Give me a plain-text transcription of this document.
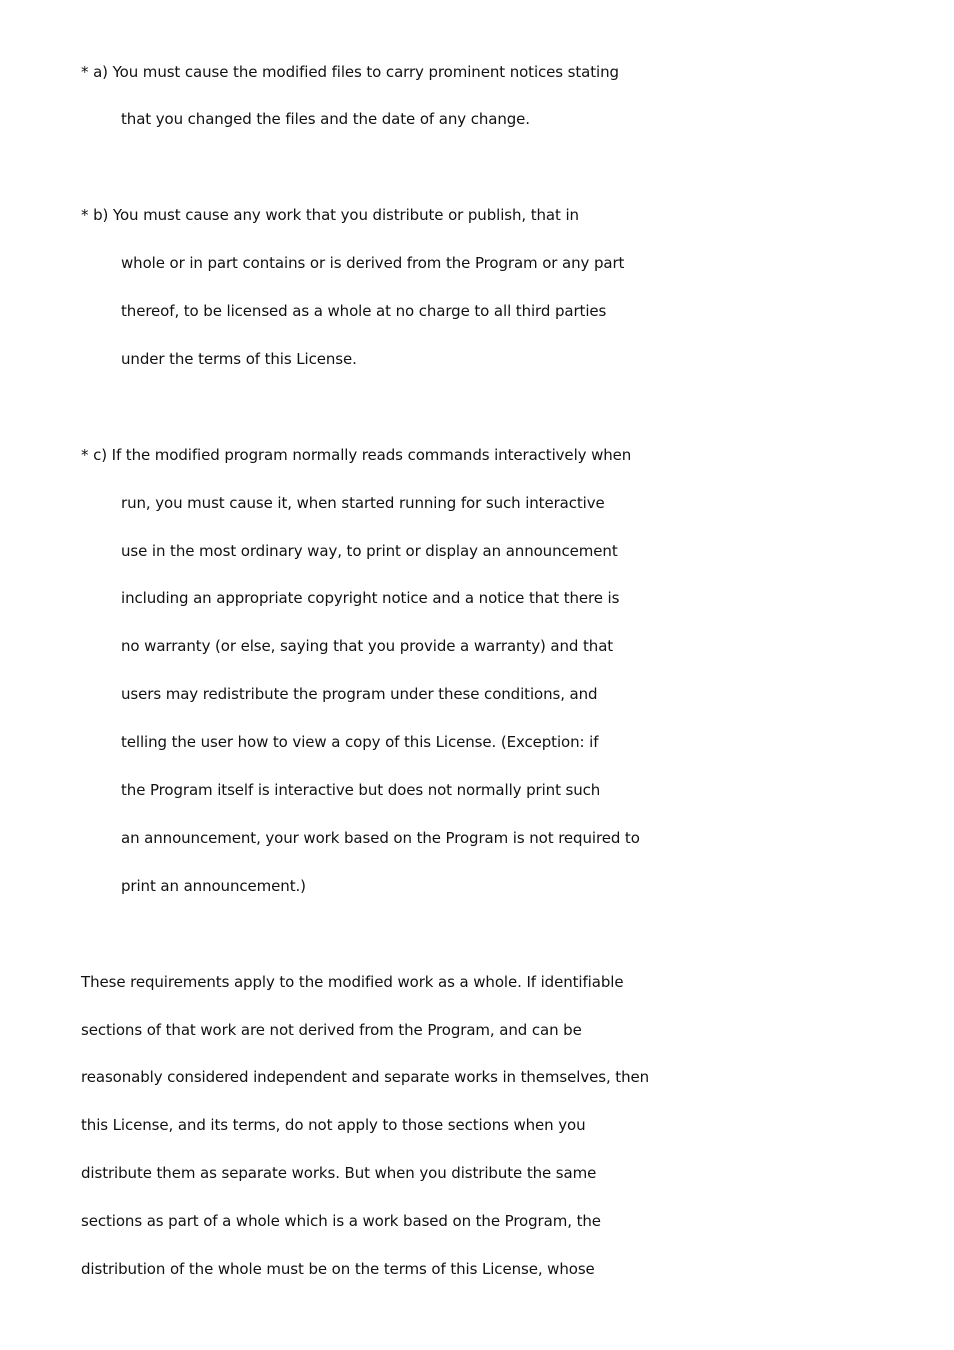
* a) You must cause the modified files to carry prominent notices stating
that you changed the files and the date of any change.
* b) You must cause any work that you distribute or publish, that in
whole or in part contains or is derived from the Program or any part
thereof, to be licensed as a whole at no charge to all third parties
under the terms of this License.
* c) If the modified program normally reads commands interactively when
run, you must cause it, when started running for such interactive
use in the most ordinary way, to print or display an announcement
including an appropriate copyright notice and a notice that there is
no warranty (or else, saying that you provide a warranty) and that
users may redistribute the program under these conditions, and
telling the user how to view a copy of this License. (Exception: if
the Program itself is interactive but does not normally print such
an announcement, your work based on the Program is not required to
print an announcement.)
These requirements apply to the modified work as a whole. If identifiable
sections of that work are not derived from the Program, and can be
reasonably considered independent and separate works in themselves, then
this License, and its terms, do not apply to those sections when you
distribute them as separate works. But when you distribute the same
sections as part of a whole which is a work based on the Program, the
distribution of the whole must be on the terms of this License, whose
